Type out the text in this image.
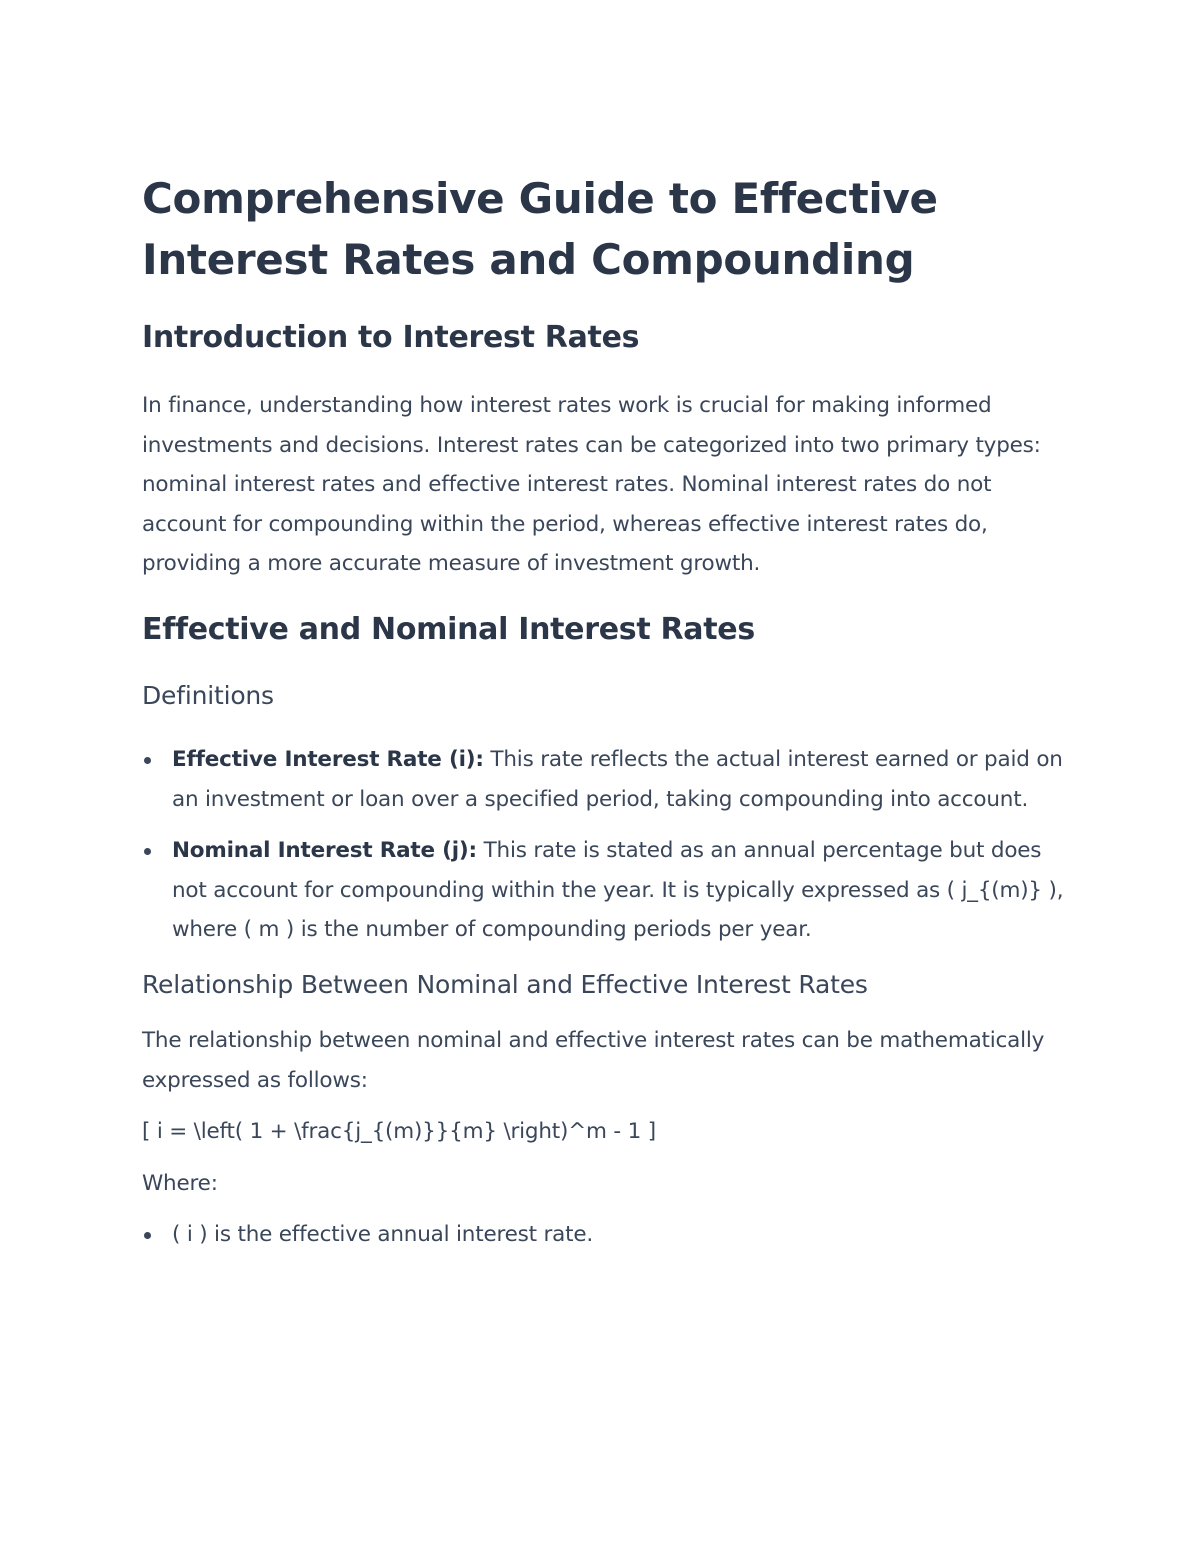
Comprehensive Guide to Effective Interest Rates and Compounding
Introduction to Interest Rates

In finance, understanding how interest rates work is crucial for making informed investments and decisions. Interest rates can be categorized into two primary types: nominal interest rates and effective interest rates. Nominal interest rates do not account for compounding within the period, whereas effective interest rates do, providing a more accurate measure of investment growth.

Effective and Nominal Interest Rates
Definitions
Effective Interest Rate (i): This rate reflects the actual interest earned or paid on an investment or loan over a specified period, taking compounding into account.
Nominal Interest Rate (j): This rate is stated as an annual percentage but does not account for compounding within the year. It is typically expressed as ( j_{(m)} ), where ( m ) is the number of compounding periods per year.
Relationship Between Nominal and Effective Interest Rates

The relationship between nominal and effective interest rates can be mathematically expressed as follows:

[ i = \left( 1 + \frac{j_{(m)}}{m} \right)^m - 1 ]

Where:

( i ) is the effective annual interest rate.
